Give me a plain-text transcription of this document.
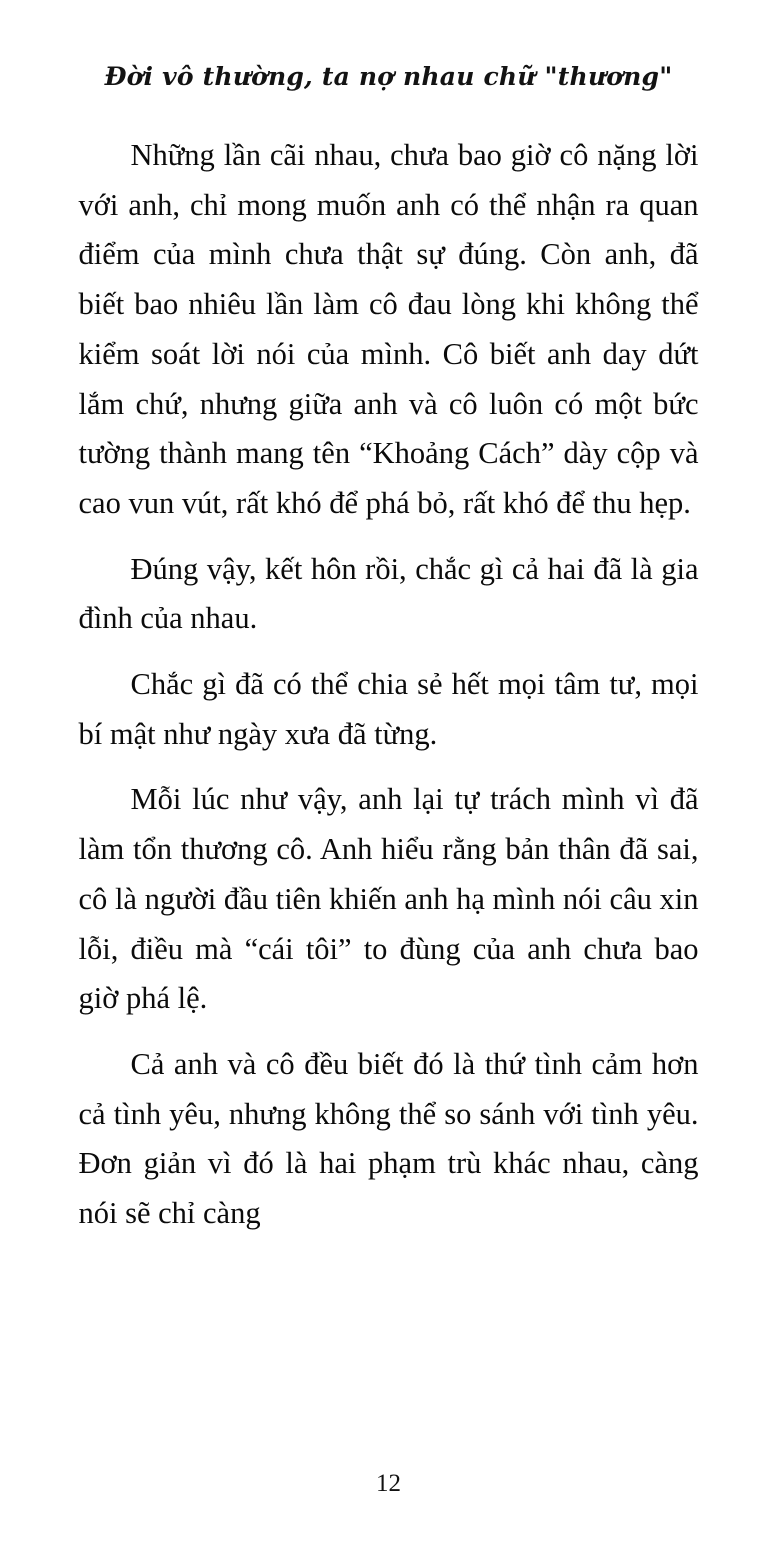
Đời vô thường, ta nợ nhau chữ "thương"

Những lần cãi nhau, chưa bao giờ cô nặng lời với anh, chỉ mong muốn anh có thể nhận ra quan điểm của mình chưa thật sự đúng. Còn anh, đã biết bao nhiêu lần làm cô đau lòng khi không thể kiểm soát lời nói của mình. Cô biết anh day dứt lắm chứ, nhưng giữa anh và cô luôn có một bức tường thành mang tên “Khoảng Cách” dày cộp và cao vun vút, rất khó để phá bỏ, rất khó để thu hẹp.

Đúng vậy, kết hôn rồi, chắc gì cả hai đã là gia đình của nhau.

Chắc gì đã có thể chia sẻ hết mọi tâm tư, mọi bí mật như ngày xưa đã từng.

Mỗi lúc như vậy, anh lại tự trách mình vì đã làm tổn thương cô. Anh hiểu rằng bản thân đã sai, cô là người đầu tiên khiến anh hạ mình nói câu xin lỗi, điều mà “cái tôi” to đùng của anh chưa bao giờ phá lệ.

Cả anh và cô đều biết đó là thứ tình cảm hơn cả tình yêu, nhưng không thể so sánh với tình yêu. Đơn giản vì đó là hai phạm trù khác nhau, càng nói sẽ chỉ càng

12
